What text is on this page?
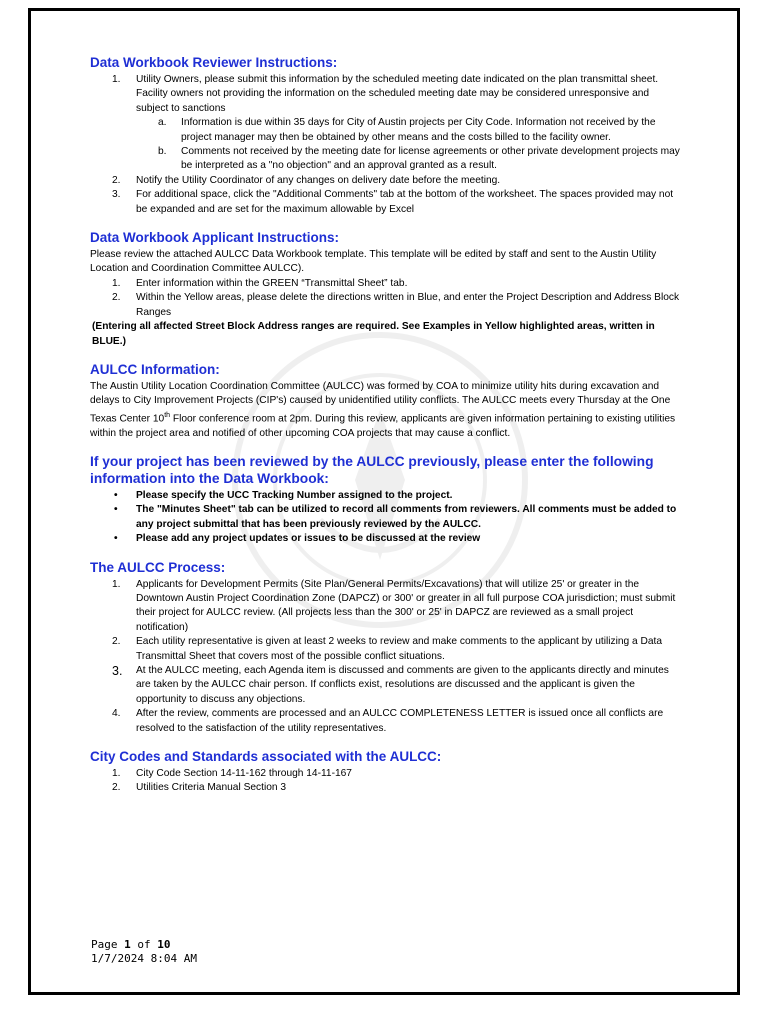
Data Workbook Reviewer Instructions:
1.	Utility Owners, please submit this information by the scheduled meeting date indicated on the plan transmittal sheet. Facility owners not providing the information on the scheduled meeting date may be considered unresponsive and subject to sanctions
a. Information is due within 35 days for City of Austin projects per City Code. Information not received by the project manager may then be obtained by other means and the costs billed to the facility owner.
b. Comments not received by the meeting date for license agreements or other private development projects may be interpreted as a "no objection" and an approval granted as a result.
2.	Notify the Utility Coordinator of any changes on delivery date before the meeting.
3.	For additional space, click the "Additional Comments" tab at the bottom of the worksheet. The spaces provided may not be expanded and are set for the maximum allowable by Excel
Data Workbook Applicant Instructions:

Please review the attached AULCC Data Workbook template. This template will be edited by staff and sent to the Austin Utility Location and Coordination Committee AULCC).

1.	Enter information within the GREEN “Transmittal Sheet” tab.
2.	Within the Yellow areas, please delete the directions written in Blue, and enter the Project Description and Address Block Ranges

(Entering all affected Street Block Address ranges are required. See Examples in Yellow highlighted areas, written in BLUE.)

AULCC Information:

The Austin Utility Location Coordination Committee (AULCC) was formed by COA to minimize utility hits during excavation and delays to City Improvement Projects (CIP's) caused by unidentified utility conflicts. The AULCC meets every Thursday at the One Texas Center 10th Floor conference room at 2pm. During this review, applicants are given information pertaining to existing utilities within the project area and notified of other upcoming COA projects that may cause a conflict.

If your project has been reviewed by the AULCC previously, please enter the following information into the Data Workbook:
• Please specify the UCC Tracking Number assigned to the project.
• The "Minutes Sheet" tab can be utilized to record all comments from reviewers. All comments must be added to any project submittal that has been previously reviewed by the AULCC.
• Please add any project updates or issues to be discussed at the review
The AULCC Process:
1.	Applicants for Development Permits (Site Plan/General Permits/Excavations) that will utilize 25' or greater in the Downtown Austin Project Coordination Zone (DAPCZ) or 300' or greater in all full purpose COA jurisdiction; must submit their project for AULCC review. (All projects less than the 300' or 25' in DAPCZ are reviewed as a small project notification)
2.	Each utility representative is given at least 2 weeks to review and make comments to the applicant by utilizing a Data Transmittal Sheet that covers most of the possible conflict situations.
3.	At the AULCC meeting, each Agenda item is discussed and comments are given to the applicants directly and minutes are taken by the AULCC chair person. If conflicts exist, resolutions are discussed and the applicant is given the opportunity to discuss any objections.
4.	After the review, comments are processed and an AULCC COMPLETENESS LETTER is issued once all conflicts are resolved to the satisfaction of the utility representatives.
City Codes and Standards associated with the AULCC:
1.	City Code Section 14-11-162 through 14-11-167
2.	Utilities Criteria Manual Section 3
Page 1 of 10
1/7/2024 8:04 AM
